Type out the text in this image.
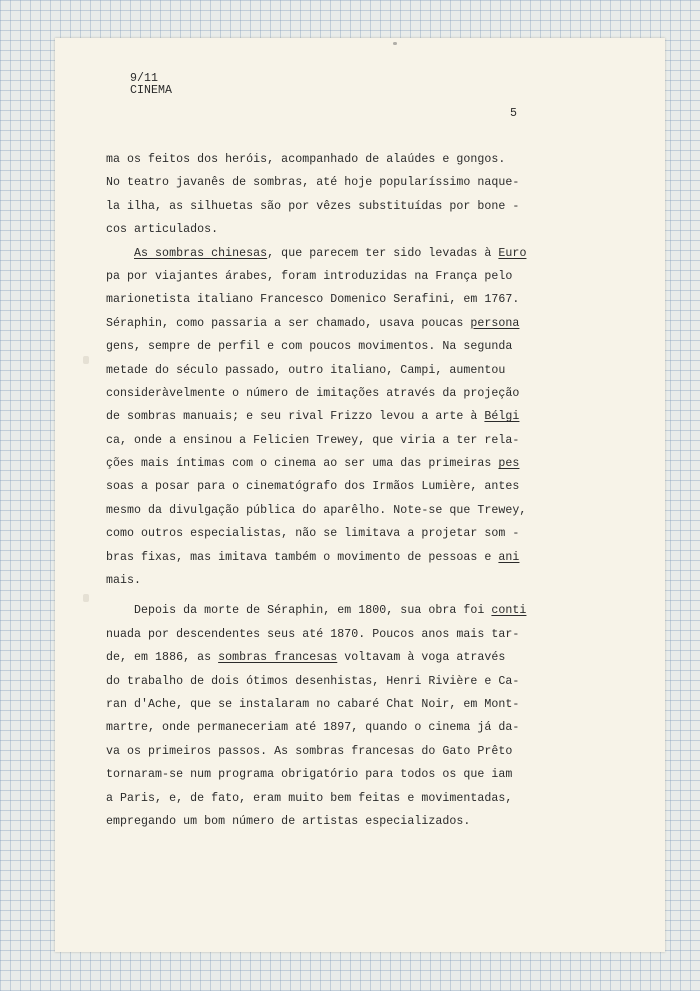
9/11
CINEMA
5
ma os feitos dos heróis, acompanhado de alaúdes e gongos.
No teatro javanês de sombras, até hoje popularíssimo naque-
la ilha, as silhuetas são por vêzes substituídas por bone -
cos articulados.
As sombras chinesas, que parecem ter sido levadas à Euro
pa por viajantes árabes, foram introduzidas na França pelo
marionetista italiano Francesco Domenico Serafini, em 1767.
Séraphin, como passaria a ser chamado, usava poucas persona
gens, sempre de perfil e com poucos movimentos. Na segunda
metade do século passado, outro italiano, Campi, aumentou
consideràvelmente o número de imitações através da projeção
de sombras manuais; e seu rival Frizzo levou a arte à Bélgi
ca, onde a ensinou a Felicien Trewey, que viria a ter rela-
ções mais íntimas com o cinema ao ser uma das primeiras pes
soas a posar para o cinematógrafo dos Irmãos Lumière, antes
mesmo da divulgação pública do aparêlho. Note-se que Trewey,
como outros especialistas, não se limitava a projetar som -
bras fixas, mas imitava também o movimento de pessoas e ani
mais.
Depois da morte de Séraphin, em 1800, sua obra foi conti
nuada por descendentes seus até 1870. Poucos anos mais tar-
de, em 1886, as sombras francesas voltavam à voga através
do trabalho de dois ótimos desenhistas, Henri Rivière e Ca-
ran d'Ache, que se instalaram no cabaré Chat Noir, em Mont-
martre, onde permaneceriam até 1897, quando o cinema já da-
va os primeiros passos. As sombras francesas do Gato Prêto
tornaram-se num programa obrigatório para todos os que iam
a Paris, e, de fato, eram muito bem feitas e movimentadas,
empregando um bom número de artistas especializados.
